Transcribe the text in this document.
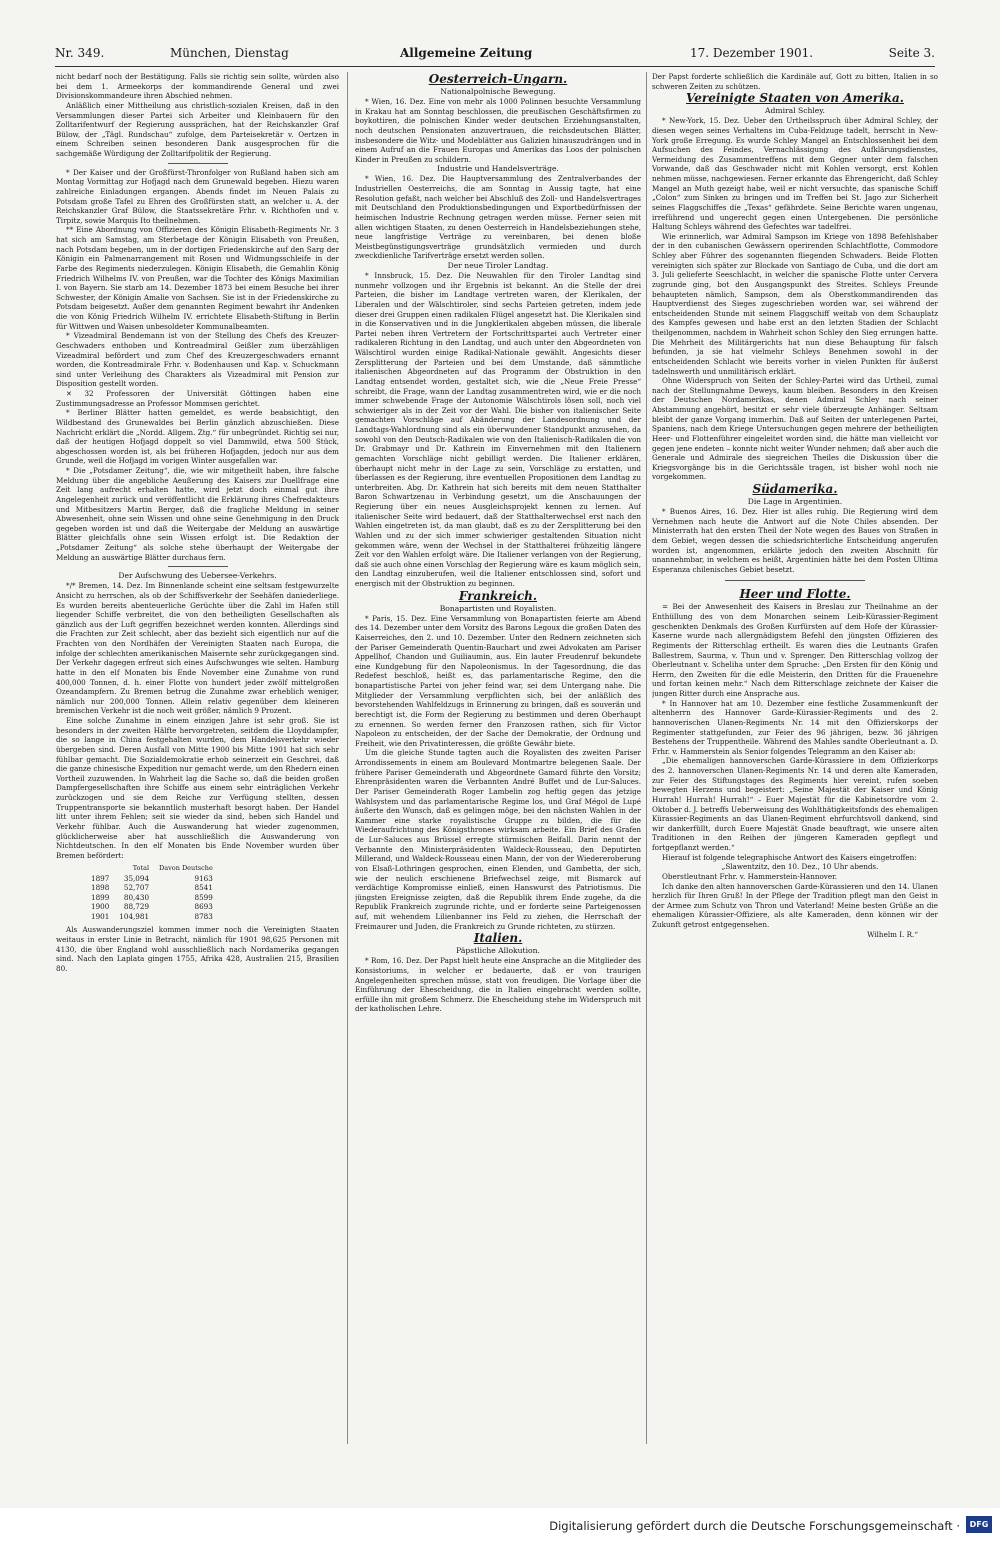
Nr. 349.	München, Dienstag	Allgemeine Zeitung	17. Dezember 1901.	Seite 3.

nicht bedarf noch der Bestätigung. Falls sie richtig sein sollte, würden also bei dem 1. Armeekorps der kommandirende General und zwei Divisionskommandeure ihren Abschied nehmen.

Anläßlich einer Mittheilung aus christlich-sozialen Kreisen, daß in den Versammlungen dieser Partei sich Arbeiter und Kleinbauern für den Zolltarifentwurf der Regierung aussprächen, hat der Reichskanzler Graf Bülow, der „Tägl. Rundschau“ zufolge, dem Parteisekretär v. Oertzen in einem Schreiben seinen besonderen Dank ausgesprochen für die sachgemäße Würdigung der Zolltarifpolitik der Regierung.

* Der Kaiser und der Großfürst-Thronfolger von Rußland haben sich am Montag Vormittag zur Hofjagd nach dem Grunewald begeben. Hiezu waren zahlreiche Einladungen ergangen. Abends findet im Neuen Palais zu Potsdam große Tafel zu Ehren des Großfürsten statt, an welcher u. A. der Reichskanzler Graf Bülow, die Staatssekretäre Frhr. v. Richthofen und v. Tirpitz, sowie Marquis Ito theilnehmen.

** Eine Abordnung von Offizieren des Königin Elisabeth-Regiments Nr. 3 hat sich am Samstag, am Sterbetage der Königin Elisabeth von Preußen, nach Potsdam begeben, um in der dortigen Friedenskirche auf den Sarg der Königin ein Palmenarrangement mit Rosen und Widmungsschleife in der Farbe des Regiments niederzulegen. Königin Elisabeth, die Gemahlin König Friedrich Wilhelms IV. von Preußen, war die Tochter des Königs Maximilian I. von Bayern. Sie starb am 14. Dezember 1873 bei einem Besuche bei ihrer Schwester, der Königin Amalie von Sachsen. Sie ist in der Friedenskirche zu Potsdam beigesetzt. Außer dem genannten Regiment bewahrt ihr Andenken die von König Friedrich Wilhelm IV. errichtete Elisabeth-Stiftung in Berlin für Wittwen und Waisen unbesoldeter Kommunalbeamten.

* Vizeadmiral Bendemann ist von der Stellung des Chefs des Kreuzer-Geschwaders enthoben und Kontreadmiral Geißler zum überzähligen Vizeadmiral befördert und zum Chef des Kreuzergeschwaders ernannt worden, die Kontreadmirale Frhr. v. Bodenhausen und Kap. v. Schuckmann sind unter Verleihung des Charakters als Vizeadmiral mit Pension zur Disposition gestellt worden.

✕ 32 Professoren der Universität Göttingen haben eine Zustimmungsadresse an Professor Mommsen gerichtet.

* Berliner Blätter hatten gemeldet, es werde beabsichtigt, den Wildbestand des Grunewaldes bei Berlin gänzlich abzuschießen. Diese Nachricht erklärt die „Nordd. Allgem. Ztg.“ für unbegründet. Richtig sei nur, daß der heutigen Hofjagd doppelt so viel Dammwild, etwa 500 Stück, abgeschossen worden ist, als bei früheren Hofjagden, jedoch nur aus dem Grunde, weil die Hofjagd im vorigen Winter ausgefallen war.

* Die „Potsdamer Zeitung“, die, wie wir mitgetheilt haben, ihre falsche Meldung über die angebliche Aeußerung des Kaisers zur Duellfrage eine Zeit lang aufrecht erhalten hatte, wird jetzt doch einmal gut ihre Angelegenheit zurück und veröffentlicht die Erklärung ihres Chefredakteurs und Mitbesitzers Martin Berger, daß die fragliche Meldung in seiner Abwesenheit, ohne sein Wissen und ohne seine Genehmigung in den Druck gegeben worden ist und daß die Weitergabe der Meldung an auswärtige Blätter gleichfalls ohne sein Wissen erfolgt ist. Die Redaktion der „Potsdamer Zeitung“ als solche stehe überhaupt der Weitergabe der Meldung an auswärtige Blätter durchaus fern.

Der Aufschwung des Ueberseе-Verkehrs.

*/* Bremen, 14. Dez. Im Binnenlande scheint eine seltsam festgewurzelte Ansicht zu herrschen, als ob der Schiffsverkehr der Seehäfen daniederliege. Es wurden bereits abenteuerliche Gerüchte über die Zahl im Hafen still liegender Schiffe verbreitet, die von den betheiligten Gesellschaften als gänzlich aus der Luft gegriffen bezeichnet werden konnten. Allerdings sind die Frachten zur Zeit schlecht, aber das bezieht sich eigentlich nur auf die Frachten von den Nordhäfen der Vereinigten Staaten nach Europa, die infolge der schlechten amerikanischen Maisernte sehr zurückgegangen sind. Der Verkehr dagegen erfreut sich eines Aufschwunges wie selten. Hamburg hatte in den elf Monaten bis Ende November eine Zunahme von rund 400,000 Tonnen, d. h. einer Flotte von hundert jeder zwölf mittelgroßen Ozeandampfern. Zu Bremen betrug die Zunahme zwar erheblich weniger, nämlich nur 200,000 Tonnen. Allein relativ gegenüber dem kleineren bremischen Verkehr ist die noch weit größer, nämlich 9 Prozent.

Eine solche Zunahme in einem einzigen Jahre ist sehr groß. Sie ist besonders in der zweiten Hälfte hervorgetreten, seitdem die Lloyddampfer, die so lange in China festgehalten wurden, dem Handelsverkehr wieder übergeben sind. Deren Ausfall von Mitte 1900 bis Mitte 1901 hat sich sehr fühlbar gemacht. Die Sozialdemokratie erhob seinerzeit ein Geschrei, daß die ganze chinesische Expedition nur gemacht werde, um den Rhedern einen Vortheil zuzuwenden. In Wahrheit lag die Sache so, daß die beiden großen Dampfergesellschaften ihre Schiffe aus einem sehr einträglichen Verkehr zurückzogen und sie dem Reiche zur Verfügung stellten, dessen Truppentransporte sie bekanntlich musterhaft besorgt haben. Der Handel litt unter ihrem Fehlen; seit sie wieder da sind, heben sich Handel und Verkehr fühlbar. Auch die Auswanderung hat wieder zugenommen, glücklicherweise aber hat ausschließlich die Auswanderung von Nichtdeutschen. In den elf Monaten bis Ende November wurden über Bremen befördert:

	Total	Davon Deutsche
1897	35,094	9163
1898	52,707	8541
1899	80,430	8599
1900	88,729	8693
1901	104,981	8783

Als Auswanderungsziel kommen immer noch die Vereinigten Staaten weitaus in erster Linie in Betracht, nämlich für 1901 98,625 Personen mit 4130, die über England wohl ausschließlich nach Nordamerika gegangen sind. Nach den Laplata gingen 1755, Afrika 428, Australien 215, Brasilien 80.

Oesterreich-Ungarn.

Nationalpolnische Bewegung.

* Wien, 16. Dez. Eine von mehr als 1000 Polinnen besuchte Versammlung in Krakau hat am Sonntag beschlossen, die preußischen Geschäftsfirmen zu boykottiren, die polnischen Kinder weder deutschen Erziehungsanstalten, noch deutschen Pensionaten anzuvertrauen, die reichsdeutschen Blätter, insbesondere die Witz- und Modeblätter aus Galizien hinauszudrängen und in einem Aufruf an die Frauen Europas und Amerikas das Loos der polnischen Kinder in Preußen zu schildern.

Industrie und Handelsverträge.

* Wien, 16. Dez. Die Hauptversammlung des Zentralverbandes der Industriellen Oesterreichs, die am Sonntag in Aussig tagte, hat eine Resolution gefaßt, nach welcher bei Abschluß des Zoll- und Handelsvertrages mit Deutschland den Produktionsbedingungen und Exportbedürfnissen der heimischen Industrie Rechnung getragen werden müsse. Ferner seien mit allen wichtigen Staaten, zu denen Oesterreich in Handelsbeziehungen stehe, neue langfristige Verträge zu vereinbaren, bei denen bloße Meistbegünstigungsverträge grundsätzlich vermieden und durch zweckdienliche Tarifverträge ersetzt werden sollen.

Der neue Tiroler Landtag.

* Innsbruck, 15. Dez. Die Neuwahlen für den Tiroler Landtag sind nunmehr vollzogen und ihr Ergebnis ist bekannt. An die Stelle der drei Parteien, die bisher im Landtage vertreten waren, der Klerikalen, der Liberalen und der Wälschtiroler, sind sechs Parteien getreten, indem jede dieser drei Gruppen einen radikalen Flügel angesetzt hat. Die Klerikalen sind in die Konservativen und in die Jungklerikalen abgeben müssen, die liberale Partei neben ihren Vertretern der Fortschrittspartei auch Vertreter einer radikaleren Richtung in den Landtag, und auch unter den Abgeordneten von Wälschtirol wurden einige Radikal-Nationale gewählt. Angesichts dieser Zersplitterung der Parteien und bei dem Umstande, daß sämmtliche italienischen Abgeordneten auf das Programm der Obstruktion in den Landtag entsendet worden, gestaltet sich, wie die „Neue Freie Presse“ schreibt, die Frage, wann der Landtag zusammentreten wird, wie er die noch immer schwebende Frage der Autonomie Wälschtirols lösen soll, noch viel schwieriger als in der Zeit vor der Wahl. Die bisher von italienischer Seite gemachten Vorschläge auf Abänderung der Landesordnung und der Landtags-Wahlordnung sind als ein überwundener Standpunkt anzusehen, da sowohl von den Deutsch-Radikalen wie von den Italienisch-Radikalen die von Dr. Grabmayr und Dr. Kathrein im Einvernehmen mit den Italienern gemachten Vorschläge nicht gebilligt werden. Die Italiener erklären, überhaupt nicht mehr in der Lage zu sein, Vorschläge zu erstatten, und überlassen es der Regierung, ihre eventuellen Propositionen dem Landtag zu unterbreiten. Abg. Dr. Kathrein hat sich bereits mit dem neuen Statthalter Baron Schwartzenau in Verbindung gesetzt, um die Anschauungen der Regierung über ein neues Ausgleichsprojekt kennen zu lernen. Auf italienischer Seite wird bedauert, daß der Statthalterwechsel erst nach den Wahlen eingetreten ist, da man glaubt, daß es zu der Zersplitterung bei den Wahlen und zu der sich immer schwieriger gestaltenden Situation nicht gekommen wäre, wenn der Wechsel in der Statthalterei frühzeitig längere Zeit vor den Wahlen erfolgt wäre. Die Italiener verlangen von der Regierung, daß sie auch ohne einen Vorschlag der Regierung wäre es kaum möglich sein, den Landtag einzuberufen, weil die Italiener entschlossen sind, sofort und energisch mit der Obstruktion zu beginnen.

Frankreich.

Bonapartisten und Royalisten.

* Paris, 15. Dez. Eine Versammlung von Bonapartisten feierte am Abend des 14. Dezember unter dem Vorsitz des Barons Legoux die großen Daten des Kaiserreiches, den 2. und 10. Dezember. Unter den Rednern zeichneten sich der Pariser Gemeinderath Quentin-Bauchart und zwei Advokaten am Pariser Appellhof, Chandon und Guiliaumin, aus. Ein lauter Freudenruf bekundete eine Kundgebung für den Napoleonismus. In der Tagesordnung, die das Redefest beschloß, heißt es, das parlamentarische Regime, den die bonapartistische Partei von jeher feind war, sei dem Untergang nahe. Die Mitglieder der Versammlung verpflichten sich, bei der anläßlich des bevorstehenden Wahlfeldzugs in Erinnerung zu bringen, daß es souverän und berechtigt ist, die Form der Regierung zu bestimmen und deren Oberhaupt zu ernennen. So werden ferner den Franzosen rathen, sich für Victor Napoleon zu entscheiden, der der Sache der Demokratie, der Ordnung und Freiheit, wie den Privatinteressen, die größte Gewähr biete.

Um die gleiche Stunde tagten auch die Royalisten des zweiten Pariser Arrondissements in einem am Boulevard Montmartre belegenen Saale. Der frühere Pariser Gemeinderath und Abgeordnete Gamard führte den Vorsitz; Ehrenpräsidenten waren die Verbannten André Buffet und de Lur-Saluces. Der Pariser Gemeinderath Roger Lambelin zog heftig gegen das jetzige Wahlsystem und das parlamentarische Regime los, und Graf Mégol de Lupé äußerte den Wunsch, daß es gelingen möge, bei den nächsten Wahlen in der Kammer eine starke royalistische Gruppe zu bilden, die für die Wiederaufrichtung des Königsthrones wirksam arbeite. Ein Brief des Grafen de Lur-Saluces aus Brüssel erregte stürmischen Beifall. Darin nennt der Verbannte den Ministerpräsidenten Waldeck-Rousseau, den Deputirten Millerand, und Waldeck-Rousseau einen Mann, der von der Wiedereroberung von Elsaß-Lothringen gesprochen, einen Elenden, und Gambetta, der sich, wie der neulich erschienene Briefwechsel zeige, mit Bismarck auf verdächtige Kompromisse einließ, einen Hanswurst des Patriotismus. Die jüngsten Ereignisse zeigten, daß die Republik ihrem Ende zugehe, da die Republik Frankreich zugrunde richte, und er forderte seine Parteigenossen auf, mit wehendem Lilienbanner ins Feld zu ziehen, die Herrschaft der Freimaurer und Juden, die Frankreich zu Grunde richteten, zu stürzen.

Italien.

Päpstliche Allokution.

* Rom, 16. Dez. Der Papst hielt heute eine Ansprache an die Mitglieder des Konsistoriums, in welcher er bedauerte, daß er von traurigen Angelegenheiten sprechen müsse, statt von freudigen. Die Vorlage über die Einführung der Ehescheidung, die in Italien eingebracht werden sollte, erfülle ihn mit großem Schmerz. Die Ehescheidung stehe im Widerspruch mit der katholischen Lehre.

Der Papst forderte schließlich die Kardinäle auf, Gott zu bitten, Italien in so schweren Zeiten zu schützen.

Vereinigte Staaten von Amerika.

Admiral Schley.

* New-York, 15. Dez. Ueber den Urtheilsspruch über Admiral Schley, der diesen wegen seines Verhaltens im Cuba-Feldzuge tadelt, herrscht in New-York große Erregung. Es wurde Schley Mangel an Entschlossenheit bei dem Aufsuchen des Feindes, Vernachlässigung des Aufklärungsdienstes, Vermeidung des Zusammentreffens mit dem Gegner unter dem falschen Vorwande, daß das Geschwader nicht mit Kohlen versorgt, erst Kohlen nehmen müsse, nachgewiesen. Ferner erkannte das Ehrengericht, daß Schley Mangel an Muth gezeigt habe, weil er nicht versuchte, das spanische Schiff „Colon“ zum Sinken zu bringen und im Treffen bei St. Jago zur Sicherheit seines Flaggschiffes die „Texas“ gefährdete. Seine Berichte waren ungenau, irreführend und ungerecht gegen einen Untergebenen. Die persönliche Haltung Schleys während des Gefechtes war tadelfrei.

Wie erinnerlich, war Admiral Sampson im Kriege von 1898 Befehlshaber der in den cubanischen Gewässern operirenden Schlachtflotte, Commodore Schley aber Führer des sogenannten fliegenden Schwaders. Beide Flotten vereinigten sich später zur Blockade von Santiago de Cuba, und die dort am 3. Juli gelieferte Seeschlacht, in welcher die spanische Flotte unter Cervera zugrunde ging, bot den Ausgangspunkt des Streites. Schleys Freunde behaupteten nämlich, Sampson, dem als Oberstkommandirenden das Hauptverdienst des Sieges zugeschrieben worden war, sei während der entscheidenden Stunde mit seinem Flaggschiff weitab von dem Schauplatz des Kampfes gewesen und habe erst an den letzten Stadien der Schlacht theilgenommen, nachdem in Wahrheit schon Schley den Sieg errungen hatte. Die Mehrheit des Militärgerichts hat nun diese Behauptung für falsch befunden, ja sie hat vielmehr Schleys Benehmen sowohl in der entscheidenden Schlacht wie bereits vorher in vielen Punkten für äußerst tadelnswerth und unmilitärisch erklärt.

Ohne Widerspruch von Seiten der Schley-Partei wird das Urtheil, zumal nach der Stellungnahme Deweys, kaum bleiben. Besonders in den Kreisen der Deutschen Nordamerikas, denen Admiral Schley nach seiner Abstammung angehört, besitzt er sehr viele überzeugte Anhänger. Seltsam bleibt der ganze Vorgang immerhin. Daß auf Seiten der unterlegenen Partei, Spaniens, nach dem Kriege Untersuchungen gegen mehrere der betheiligten Heer- und Flottenführer eingeleitet worden sind, die hätte man vielleicht vor gegen jene endeten – konnte nicht weiter Wunder nehmen; daß aber auch die Generale und Admirale des siegreichen Theiles die Diskussion über die Kriegsvorgänge bis in die Gerichtssäle tragen, ist bisher wohl noch nie vorgekommen.

Südamerika.

Die Lage in Argentinien.

* Buenos Aires, 16. Dez. Hier ist alles ruhig. Die Regierung wird dem Vernehmen nach heute die Antwort auf die Note Chiles absenden. Der Ministerrath hat den ersten Theil der Note wegen des Baues von Straßen in dem Gebiet, wegen dessen die schiedsrichterliche Entscheidung angerufen worden ist, angenommen, erklärte jedoch den zweiten Abschnitt für unannehmbar, in welchem es heißt, Argentinien hätte bei dem Posten Ultima Esperanza chilenisches Gebiet besetzt.

Heer und Flotte.

= Bei der Anwesenheit des Kaisers in Breslau zur Theilnahme an der Enthüllung des von dem Monarchen seinem Leib-Kürassier-Regiment geschenkten Denkmals des Großen Kurfürsten auf dem Hofe der Kürassier-Kaserne wurde nach allergnädigstem Befehl den jüngsten Offizieren des Regiments der Ritterschlag ertheilt. Es waren dies die Leutnants Grafen Ballestrem, Saurma, v. Thun und v. Sprenger. Den Ritterschlag vollzog der Oberleutnant v. Schelihа unter dem Spruche: „Den Ersten für den König und Herrn, den Zweiten für die edle Meisterin, den Dritten für die Frauenehre und fortan keinen mehr.“ Nach dem Ritterschlage zeichnete der Kaiser die jungen Ritter durch eine Ansprache aus.

* In Hannover hat am 10. Dezember eine festliche Zusammenkunft der altenherrn des Hannover Garde-Kürassier-Regiments und des 2. hannoverischen Ulanen-Regiments Nr. 14 mit den Offizierskorps der Regimenter stattgefunden, zur Feier des 96 jährigen, bezw. 36 jährigen Bestehens der Truppentheile. Während des Mahles sandte Oberleutnant a. D. Frhr. v. Hammerstein als Senior folgendes Telegramm an den Kaiser ab:

„Die ehemaligen hannoverschen Garde-Kürassiere in dem Offizierkorps des 2. hannoverschen Ulanen-Regiments Nr. 14 und deren alte Kameraden, zur Feier des Stiftungstages des Regiments hier vereint, rufen soeben bewegten Herzens und begeistert: „Seine Majestät der Kaiser und König Hurrah! Hurrah! Hurrah!“ – Euer Majestät für die Kabinetsordre vom 2. Oktober d. J. betreffs Ueberweisung des Wohlthätigkeitsfonds des ehemaligen Kürassier-Regiments an das Ulanen-Regiment ehrfurchtsvoll dankend, sind wir dankerfüllt, durch Euere Majestät Gnade beauftragt, wie unsere alten Traditionen in den Reihen der jüngeren Kameraden gepflegt und fortgepflanzt werden.“

Hierauf ist folgende telegraphische Antwort des Kaisers eingetroffen:

„Slawentzitz, den 10. Dez., 10 Uhr abends.

Oberstleutnant Frhr. v. Hammerstein-Hannover.

Ich danke den alten hannoverschen Garde-Kürassieren und den 14. Ulanen herzlich für Ihren Gruß! In der Pflege der Tradition pflegt man den Geist in der Armee zum Schutz von Thron und Vaterland! Meine besten Grüße an die ehemaligen Kürassier-Offiziere, als alte Kameraden, denn können wir der Zukunft getrost entgegensehen.

Wilhelm I. R.“

Digitalisierung gefördert durch die Deutsche Forschungsgemeinschaft ·	DFG
